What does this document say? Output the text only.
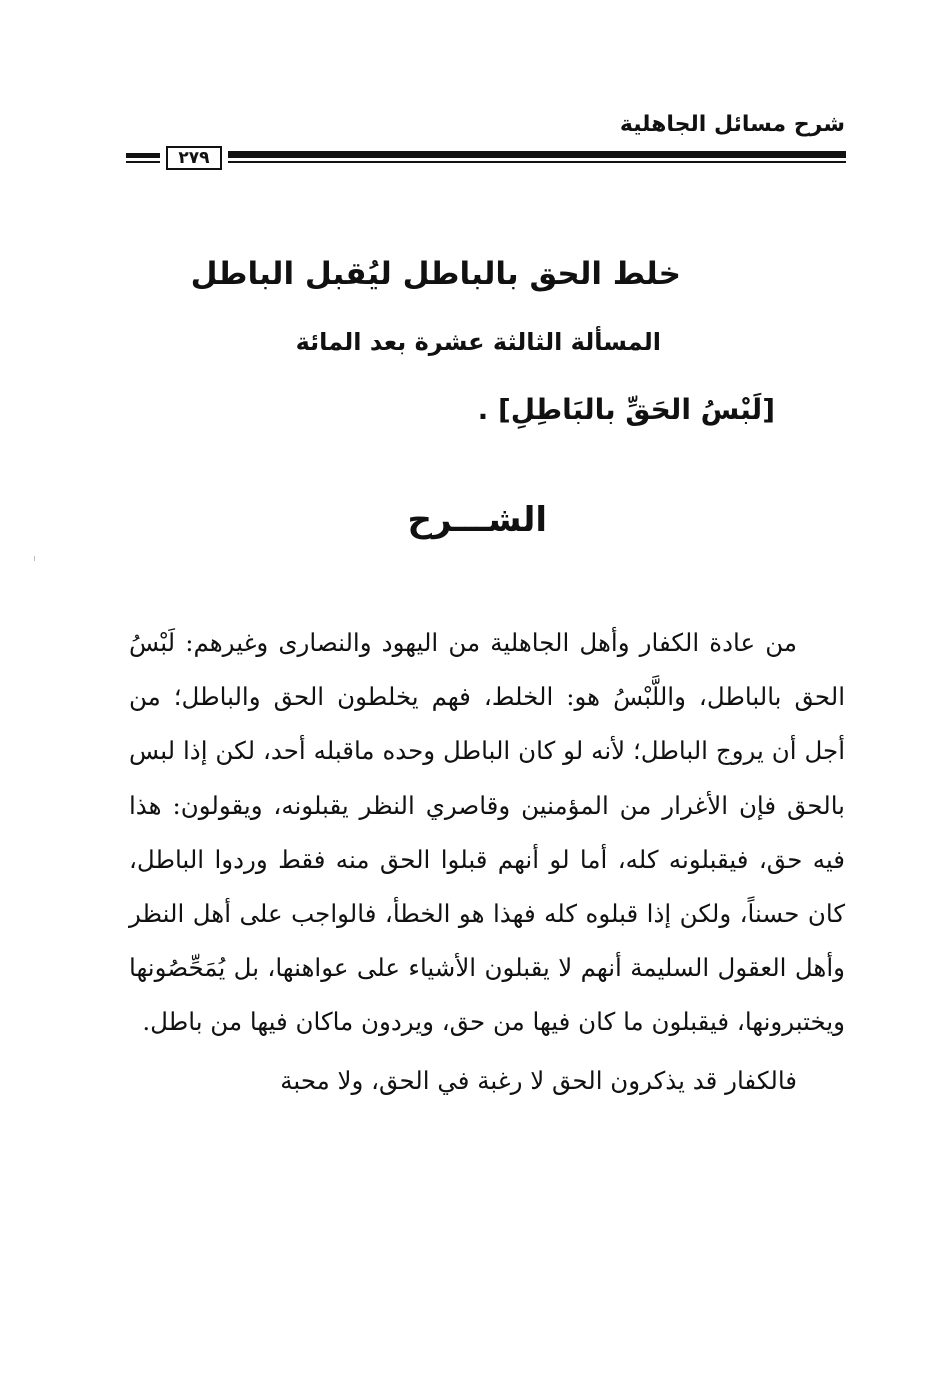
شرح مسائل الجاهلية
٢٧٩
خلط الحق بالباطل ليُقبل الباطل
المسألة الثالثة عشرة بعد المائة
[لَبْسُ الحَقِّ بالبَاطِلِ] .
الشـــرح

من عادة الكفار وأهل الجاهلية من اليهود والنصارى وغيرهم: لَبْسُ الحق بالباطل، واللَّبْسُ هو: الخلط، فهم يخلطون الحق والباطل؛ من أجل أن يروج الباطل؛ لأنه لو كان الباطل وحده ماقبله أحد، لكن إذا لبس بالحق فإن الأغرار من المؤمنين وقاصري النظر يقبلونه، ويقولون: هذا فيه حق، فيقبلونه كله، أما لو أنهم قبلوا الحق منه فقط وردوا الباطل، كان حسناً، ولكن إذا قبلوه كله فهذا هو الخطأ، فالواجب على أهل النظر وأهل العقول السليمة أنهم لا يقبلون الأشياء على عواهنها، بل يُمَحِّصُونها ويختبرونها، فيقبلون ما كان فيها من حق، ويردون ماكان فيها من باطل.

فالكفار قد يذكرون الحق لا رغبة في الحق، ولا محبة
